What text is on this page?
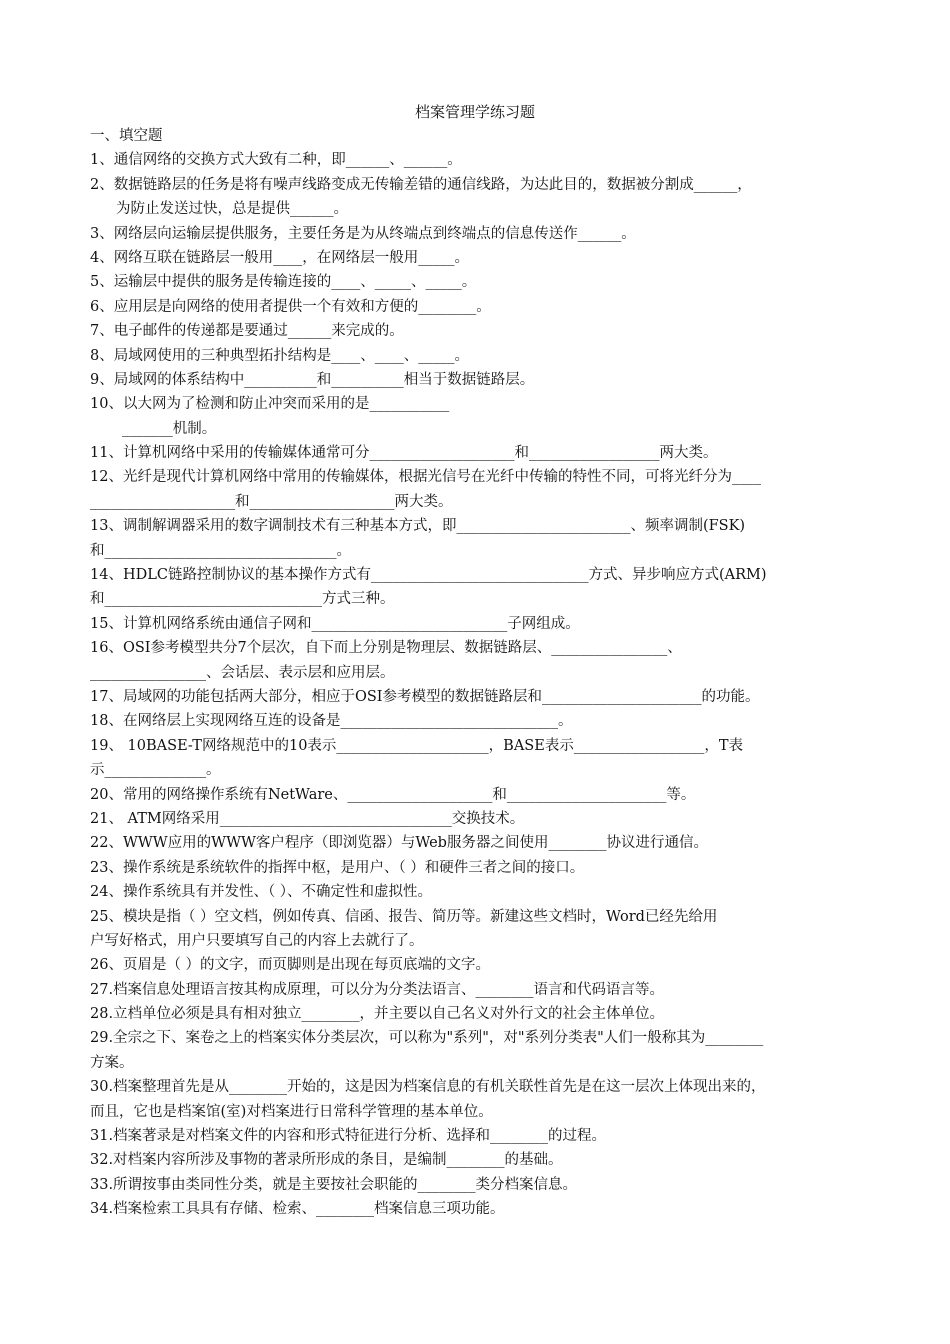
档案管理学练习题
一、填空题
1、通信网络的交换方式大致有二种，即______、______。
2、数据链路层的任务是将有噪声线路变成无传输差错的通信线路，为达此目的，数据被分割成______，
为防止发送过快，总是提供______。
3、网络层向运输层提供服务，主要任务是为从终端点到终端点的信息传送作______。
4、网络互联在链路层一般用____，在网络层一般用_____。
5、运输层中提供的服务是传输连接的____、_____、_____。
6、应用层是向网络的使用者提供一个有效和方便的________。
7、电子邮件的传递都是要通过______来完成的。
8、局域网使用的三种典型拓扑结构是____、____、_____。
9、局域网的体系结构中__________和__________相当于数据链路层。
10、以大网为了检测和防止冲突而采用的是___________
_______机制。
11、计算机网络中采用的传输媒体通常可分____________________和__________________两大类。
12、光纤是现代计算机网络中常用的传输媒体，根据光信号在光纤中传输的特性不同，可将光纤分为____
____________________和____________________两大类。
13、调制解调器采用的数字调制技术有三种基本方式，即________________________、频率调制(FSK)
和________________________________。
14、HDLC链路控制协议的基本操作方式有______________________________方式、异步响应方式(ARM)
和______________________________方式三种。
15、计算机网络系统由通信子网和___________________________子网组成。
16、OSI参考模型共分7个层次，自下而上分别是物理层、数据链路层、________________、
________________、会话层、表示层和应用层。
17、局域网的功能包括两大部分，相应于OSI参考模型的数据链路层和______________________的功能。
18、在网络层上实现网络互连的设备是______________________________。
19、 10BASE-T网络规范中的10表示_____________________，BASE表示__________________，T表
示______________。
20、常用的网络操作系统有NetWare、____________________和______________________等。
21、 ATM网络采用________________________________交换技术。
22、WWW应用的WWW客户程序（即浏览器）与Web服务器之间使用________协议进行通信。
23、操作系统是系统软件的指挥中枢，是用户、（ ）和硬件三者之间的接口。
24、操作系统具有并发性、（ ）、不确定性和虚拟性。
25、模块是指（ ）空文档，例如传真、信函、报告、简历等。新建这些文档时，Word已经先给用
户写好格式，用户只要填写自己的内容上去就行了。
26、页眉是（ ）的文字，而页脚则是出现在每页底端的文字。
27.档案信息处理语言按其构成原理，可以分为分类法语言、________语言和代码语言等。
28.立档单位必须是具有相对独立________，并主要以自己名义对外行文的社会主体单位。
29.全宗之下、案卷之上的档案实体分类层次，可以称为"系列"，对"系列分类表"人们一般称其为________
方案。
30.档案整理首先是从________开始的，这是因为档案信息的有机关联性首先是在这一层次上体现出来的，
而且，它也是档案馆(室)对档案进行日常科学管理的基本单位。
31.档案著录是对档案文件的内容和形式特征进行分析、选择和________的过程。
32.对档案内容所涉及事物的著录所形成的条目，是编制________的基础。
33.所谓按事由类同性分类，就是主要按社会职能的________类分档案信息。
34.档案检索工具具有存储、检索、________档案信息三项功能。
